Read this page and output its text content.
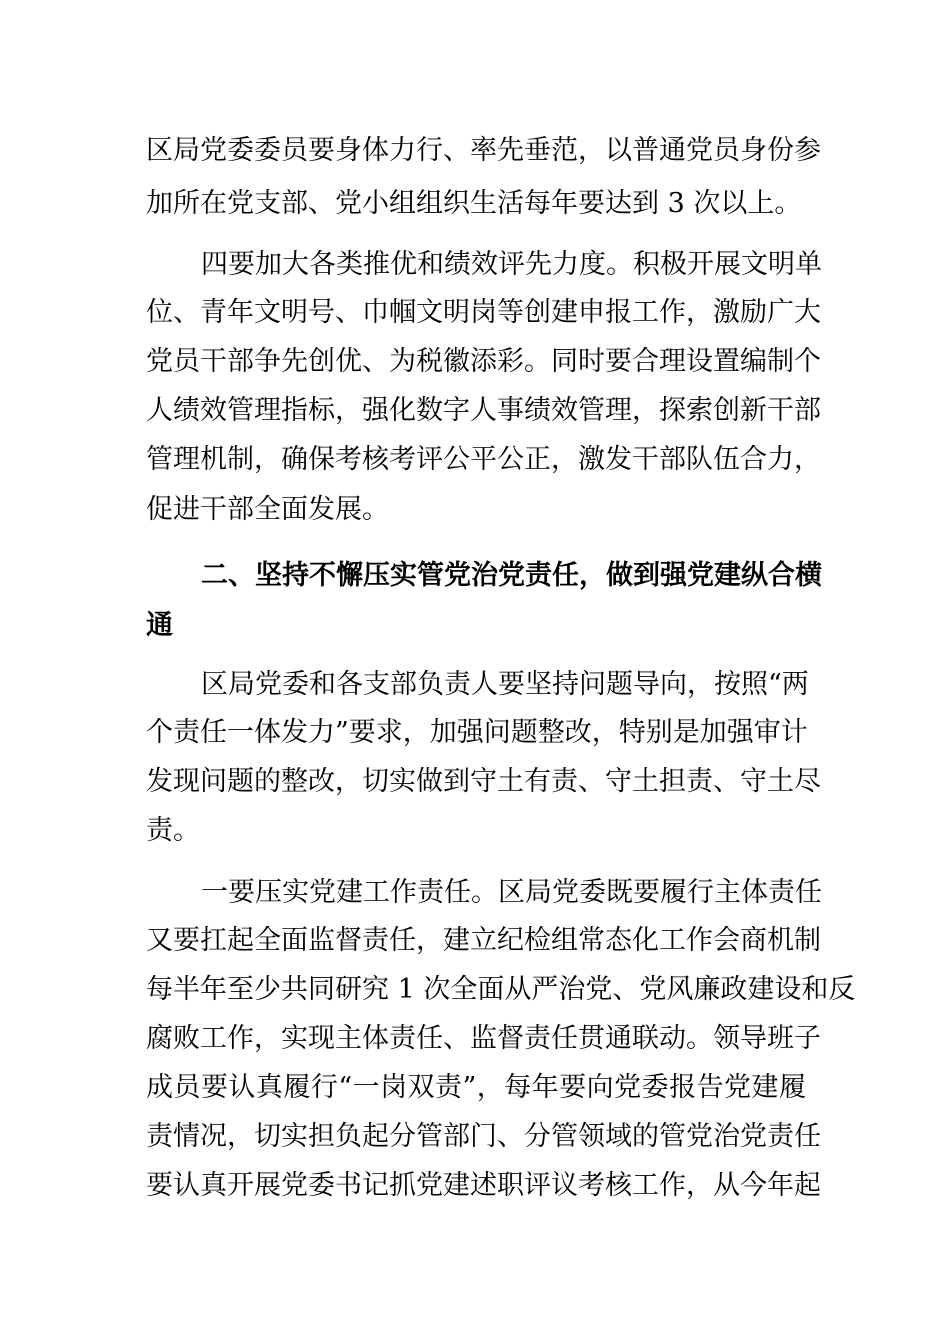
区局党委委员要身体力行、率先垂范，以普通党员身份参
加所在党支部、党小组组织生活每年要达到 3 次以上。
四要加大各类推优和绩效评先力度。积极开展文明单
位、青年文明号、巾帼文明岗等创建申报工作，激励广大
党员干部争先创优、为税徽添彩。同时要合理设置编制个
人绩效管理指标，强化数字人事绩效管理，探索创新干部
管理机制，确保考核考评公平公正，激发干部队伍合力，
促进干部全面发展。
二、坚持不懈压实管党治党责任，做到强党建纵合横
通
区局党委和各支部负责人要坚持问题导向，按照“两
个责任一体发力”要求，加强问题整改，特别是加强审计
发现问题的整改，切实做到守土有责、守土担责、守土尽
责。
一要压实党建工作责任。区局党委既要履行主体责任
又要扛起全面监督责任，建立纪检组常态化工作会商机制
每半年至少共同研究 1 次全面从严治党、党风廉政建设和反
腐败工作，实现主体责任、监督责任贯通联动。领导班子
成员要认真履行“一岗双责”，每年要向党委报告党建履
责情况，切实担负起分管部门、分管领域的管党治党责任
要认真开展党委书记抓党建述职评议考核工作，从今年起
